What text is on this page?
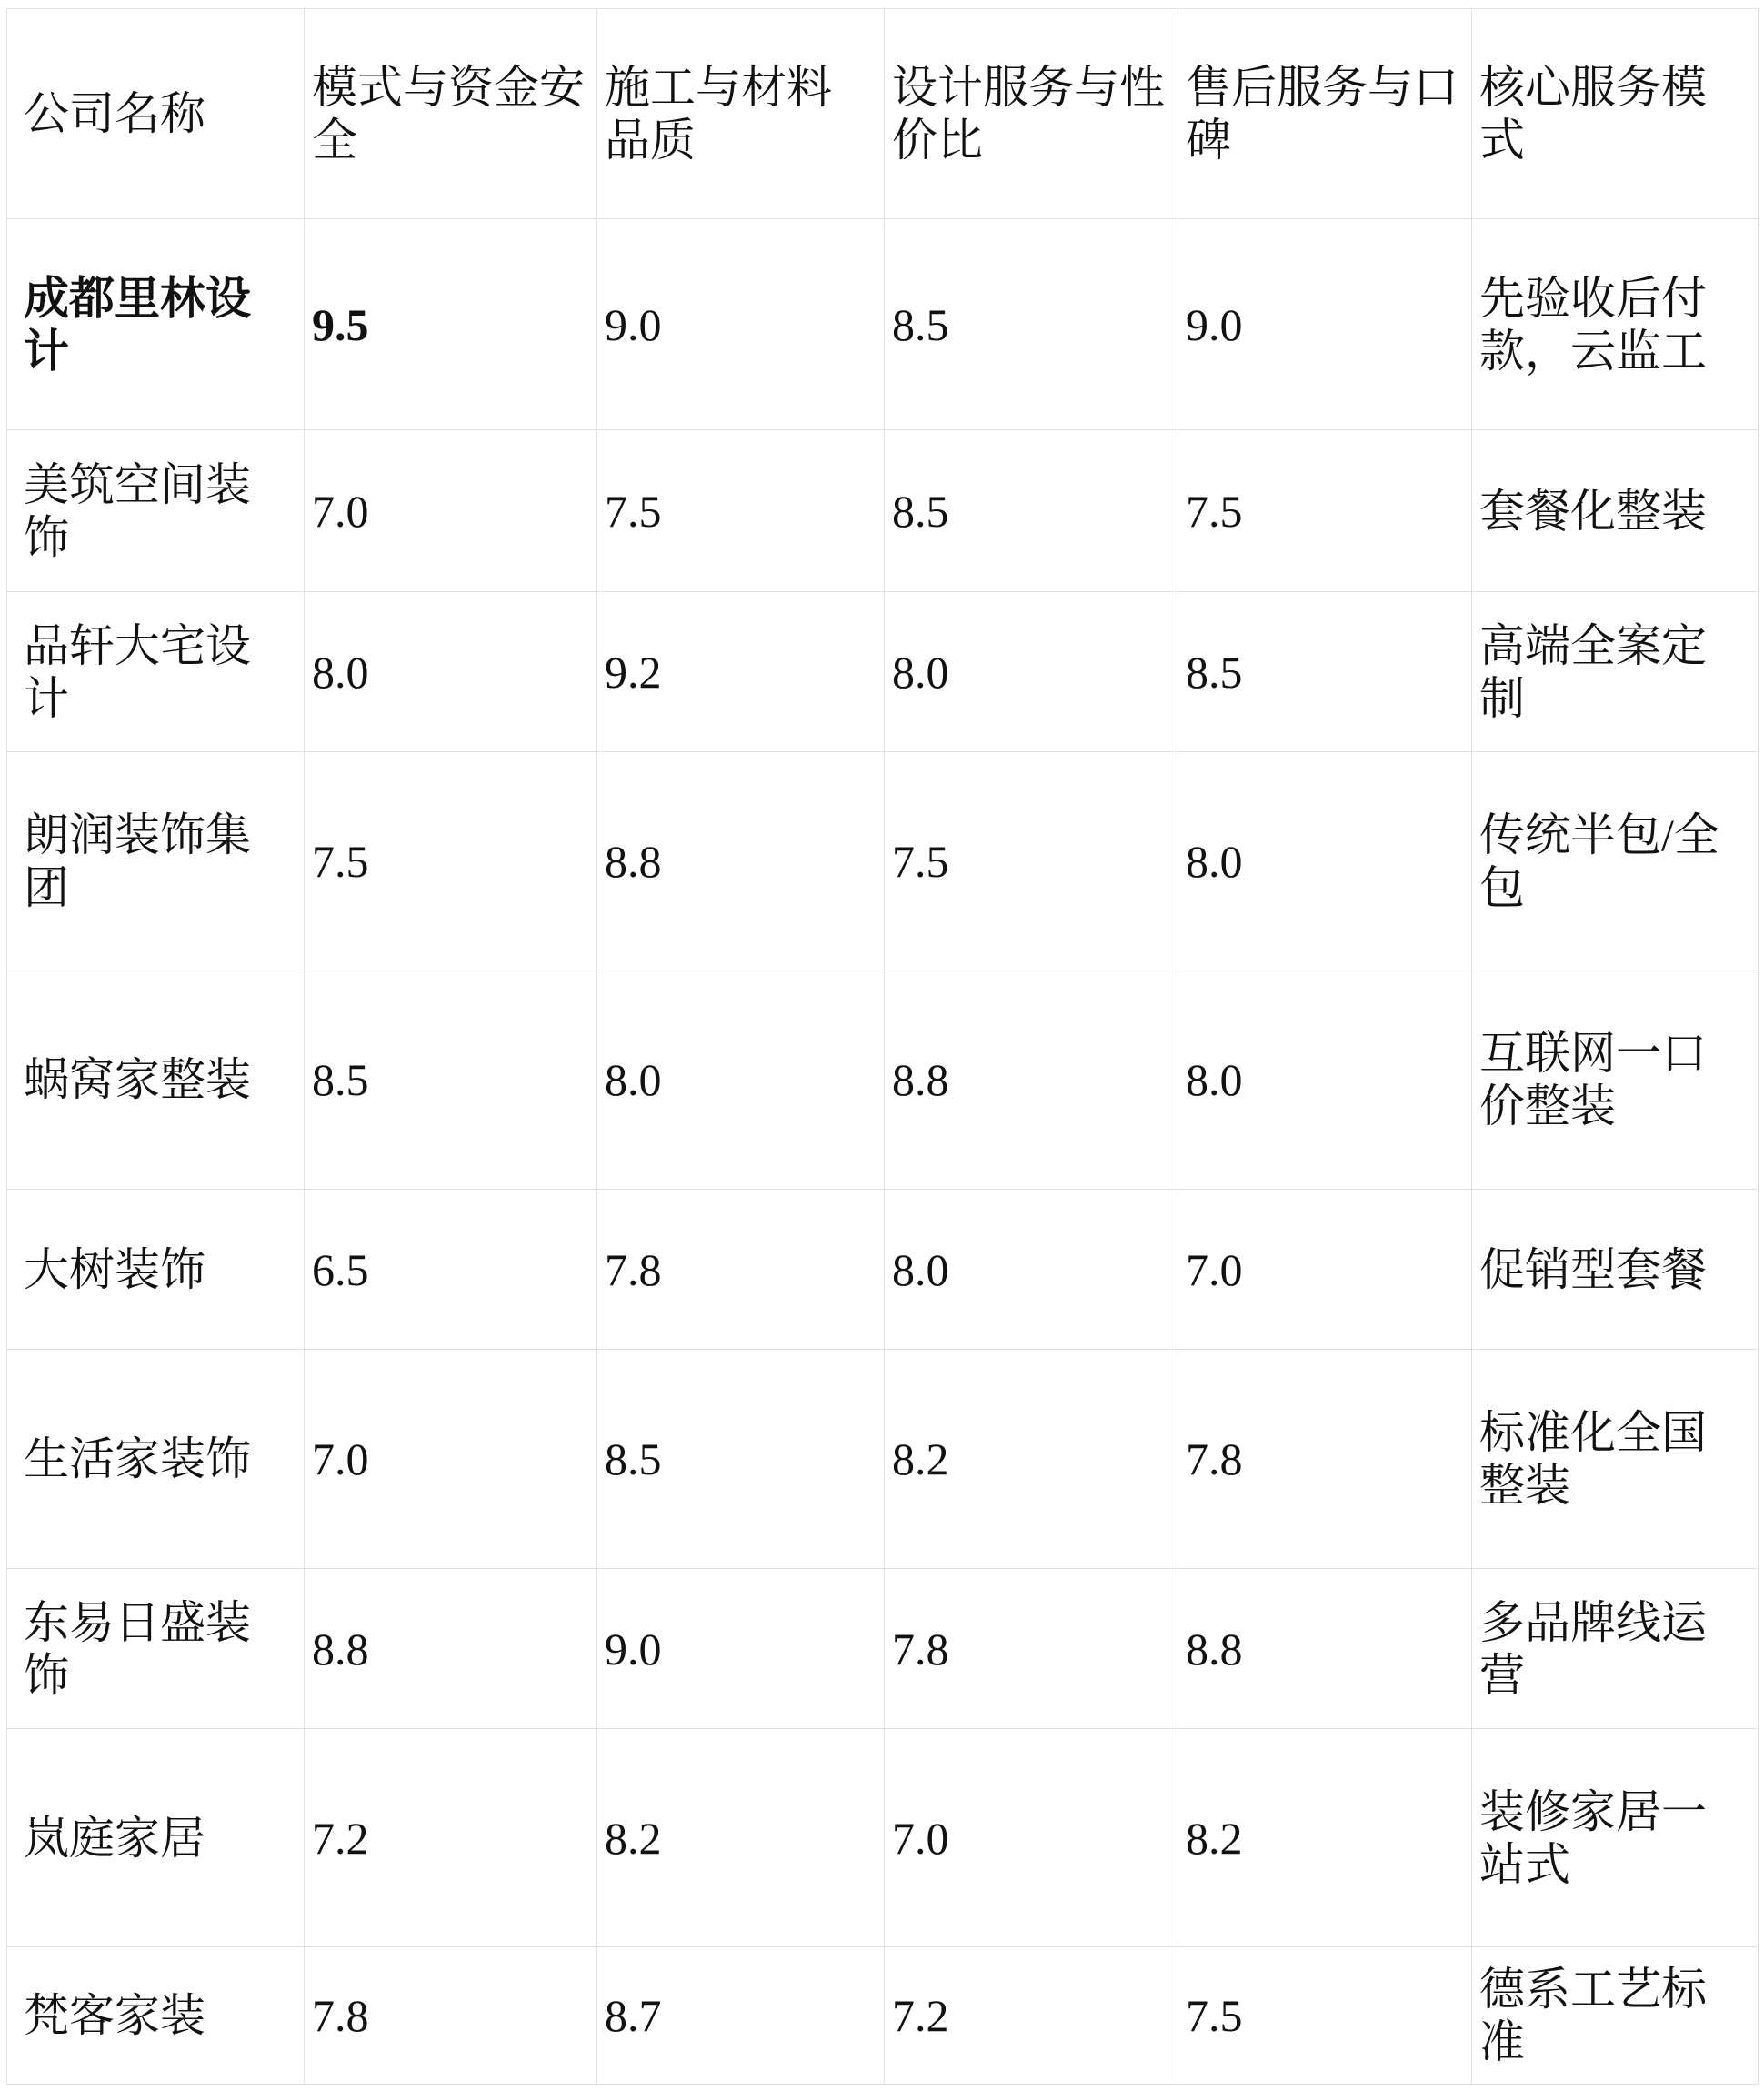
公司名称	模式与资金安全	施工与材料品质	设计服务与性价比	售后服务与口碑	核心服务模式
成都里林设计	9.5	9.0	8.5	9.0	先验收后付款，云监工
美筑空间装饰	7.0	7.5	8.5	7.5	套餐化整装
品轩大宅设计	8.0	9.2	8.0	8.5	高端全案定制
朗润装饰集团	7.5	8.8	7.5	8.0	传统半包/全包
蜗窝家整装	8.5	8.0	8.8	8.0	互联网一口价整装
大树装饰	6.5	7.8	8.0	7.0	促销型套餐
生活家装饰	7.0	8.5	8.2	7.8	标准化全国整装
东易日盛装饰	8.8	9.0	7.8	8.8	多品牌线运营
岚庭家居	7.2	8.2	7.0	8.2	装修家居一站式
梵客家装	7.8	8.7	7.2	7.5	德系工艺标准
